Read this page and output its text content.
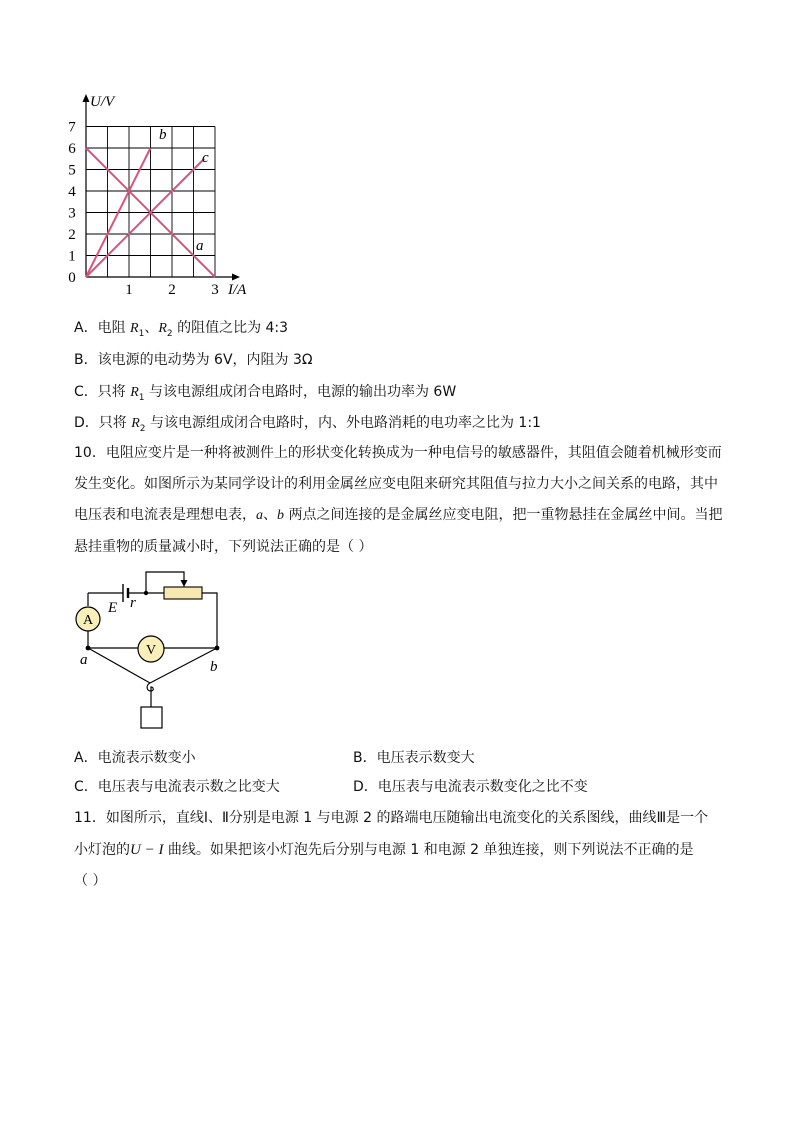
7
6
5
4
3
2
1
0
1 2 3
U/V
I/A
b
c
a
A．电阻 $R_1$、$R_2$ 的阻值之比为 4:3
B．该电源的电动势为 6V，内阻为 3Ω
C．只将 $R_1$ 与该电源组成闭合电路时，电源的输出功率为 6W
D．只将 $R_2$ 与该电源组成闭合电路时，内、外电路消耗的电功率之比为 1:1
10．电阻应变片是一种将被测件上的形状变化转换成为一种电信号的敏感器件，其阻值会随着机械形变而
发生变化。如图所示为某同学设计的利用金属丝应变电阻来研究其阻值与拉力大小之间关系的电路，其中
电压表和电流表是理想电表，a、b 两点之间连接的是金属丝应变电阻，把一重物悬挂在金属丝中间。当把
悬挂重物的质量减小时，下列说法正确的是（ ）
A
V
E r
a	b
A．电流表示数变小	B．电压表示数变大
C．电压表与电流表示数之比变大	D．电压表与电流表示数变化之比不变
11．如图所示，直线Ⅰ、Ⅱ分别是电源 1 与电源 2 的路端电压随输出电流变化的关系图线，曲线Ⅲ是一个
小灯泡的U − I 曲线。如果把该小灯泡先后分别与电源 1 和电源 2 单独连接，则下列说法不正确的是
（ ）
